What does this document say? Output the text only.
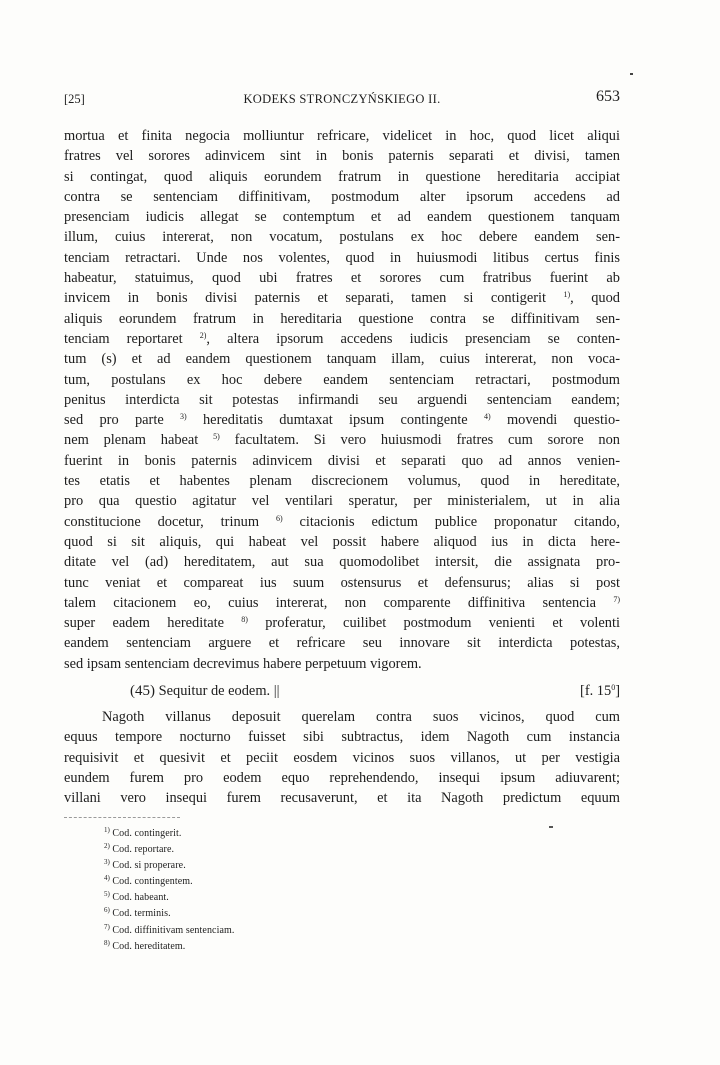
[25]	KODEKS STRONCZYŃSKIEGO II.	653
mortua et finita negocia molliuntur refricare, videlicet in hoc, quod licet aliqui
fratres vel sorores adinvicem sint in bonis paternis separati et divisi, tamen
si contingat, quod aliquis eorundem fratrum in questione hereditaria accipiat
contra se sentenciam diffinitivam, postmodum alter ipsorum accedens ad
presenciam iudicis allegat se contemptum et ad eandem questionem tanquam
illum, cuius intererat, non vocatum, postulans ex hoc debere eandem sen-
tenciam retractari. Unde nos volentes, quod in huiusmodi litibus certus finis
habeatur, statuimus, quod ubi fratres et sorores cum fratribus fuerint ab
invicem in bonis divisi paternis et separati, tamen si contigerit $^{1)}$, quod
aliquis eorundem fratrum in hereditaria questione contra se diffinitivam sen-
tenciam reportaret $^{2)}$, altera ipsorum accedens iudicis presenciam se conten-
tum (s) et ad eandem questionem tanquam illam, cuius intererat, non voca-
tum, postulans ex hoc debere eandem sentenciam retractari, postmodum
penitus interdicta sit potestas infirmandi seu arguendi sentenciam eandem;
sed pro parte $^{3)}$ hereditatis dumtaxat ipsum contingente $^{4)}$ movendi questio-
nem plenam habeat $^{5)}$ facultatem. Si vero huiusmodi fratres cum sorore non
fuerint in bonis paternis adinvicem divisi et separati quo ad annos venien-
tes etatis et habentes plenam discrecionem volumus, quod in hereditate,
pro qua questio agitatur vel ventilari speratur, per ministerialem, ut in alia
constitucione docetur, trinum $^{6)}$ citacionis edictum publice proponatur citando,
quod si sit aliquis, qui habeat vel possit habere aliquod ius in dicta here-
ditate vel (ad) hereditatem, aut sua quomodolibet intersit, die assignata pro-
tunc veniat et compareat ius suum ostensurus et defensurus; alias si post
talem citacionem eo, cuius intererat, non comparente diffinitiva sentencia $^{7)}$
super eadem hereditate $^{8)}$ proferatur, cuilibet postmodum venienti et volenti
eandem sentenciam arguere et refricare seu innovare sit interdicta potestas,
sed ipsam sentenciam decrevimus habere perpetuum vigorem.
(45) Sequitur de eodem. ||	[f. $15^0$]
Nagoth villanus deposuit querelam contra suos vicinos, quod cum
equus tempore nocturno fuisset sibi subtractus, idem Nagoth cum instancia
requisivit et quesivit et peciit eosdem vicinos suos villanos, ut per vestigia
eundem furem pro eodem equo reprehendendo, insequi ipsum adiuvarent;
villani vero insequi furem recusaverunt, et ita Nagoth predictum equum
$^{1)}$ Cod. contingerit.
$^{2)}$ Cod. reportare.
$^{3)}$ Cod. si properare.
$^{4)}$ Cod. contingentem.
$^{5)}$ Cod. habeant.
$^{6)}$ Cod. terminis.
$^{7)}$ Cod. diffinitivam sentenciam.
$^{8)}$ Cod. hereditatem.
